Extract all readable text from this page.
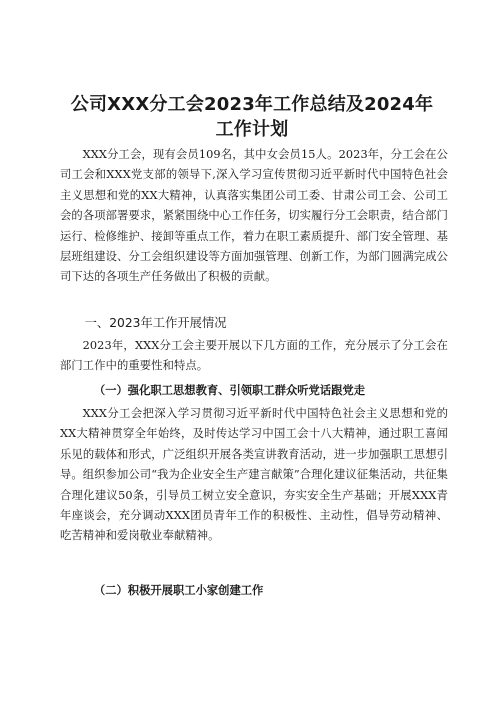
公司XXX分工会2023年工作总结及2024年
工作计划

XXX分工会，现有会员109名，其中女会员15人。2023年，分工会在公司工会和XXX党支部的领导下,深入学习宣传贯彻习近平新时代中国特色社会主义思想和党的XX大精神，认真落实集团公司工委、甘肃公司工会、公司工会的各项部署要求，紧紧围绕中心工作任务，切实履行分工会职责，结合部门运行、检修维护、接卸等重点工作，着力在职工素质提升、部门安全管理、基层班组建设、分工会组织建设等方面加强管理、创新工作，为部门圆满完成公司下达的各项生产任务做出了积极的贡献。

一、2023年工作开展情况

2023年，XXX分工会主要开展以下几方面的工作，充分展示了分工会在部门工作中的重要性和特点。

（一）强化职工思想教育、引领职工群众听党话跟党走

XXX分工会把深入学习贯彻习近平新时代中国特色社会主义思想和党的XX大精神贯穿全年始终，及时传达学习中国工会十八大精神，通过职工喜闻乐见的载体和形式，广泛组织开展各类宣讲教育活动，进一步加强职工思想引导。组织参加公司“我为企业安全生产建言献策”合理化建议征集活动，共征集合理化建议50条，引导员工树立安全意识，夯实安全生产基础；开展XXX青年座谈会，充分调动XXX团员青年工作的积极性、主动性，倡导劳动精神、吃苦精神和爱岗敬业奉献精神。

（二）积极开展职工小家创建工作
